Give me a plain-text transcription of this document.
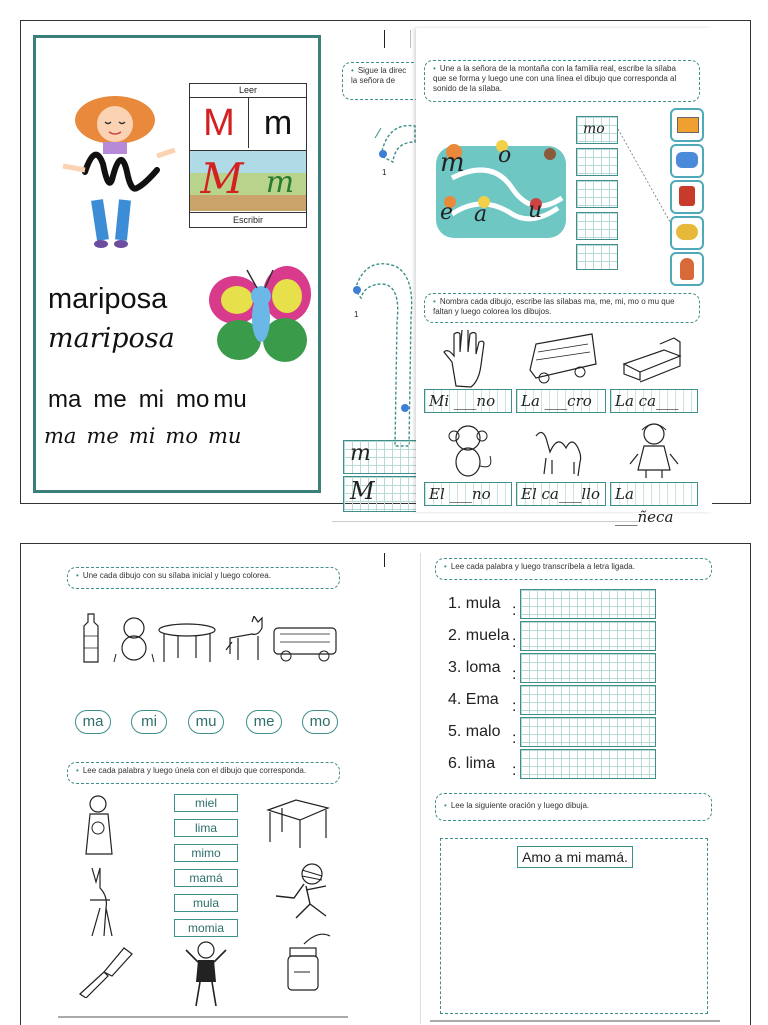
Leer
M m
M m
Escribir
mariposa
mariposa
ma me mi mo mu
ma me mi mo mu
• Sigue la direc
la señora de
1
1
m
M
• Une a la señora de la montaña con la familia real, escribe la sílaba que se forma y luego une con una línea el dibujo que corresponda al sonido de la sílaba.
m o
e a u
mo
• Nombra cada dibujo, escribe las sílabas ma, me, mi, mo o mu que faltan y luego colorea los dibujos.
Mi ___no	La ___cro	La ca___
El ___no	El ca___llo	La ___ñeca
• Une cada dibujo con su sílaba inicial y luego colorea.
ma	mi	mu	me	mo
• Lee cada palabra y luego únela con el dibujo que corresponda.
miel
lima
mimo
mamá
mula
momia
• Lee cada palabra y luego transcríbela a letra ligada.
1. mula
2. muela
3. loma
4. Ema
5. malo
6. lima
:
:
:
:
:
:
• Lee la siguiente oración y luego dibuja.
Amo a mi mamá.
